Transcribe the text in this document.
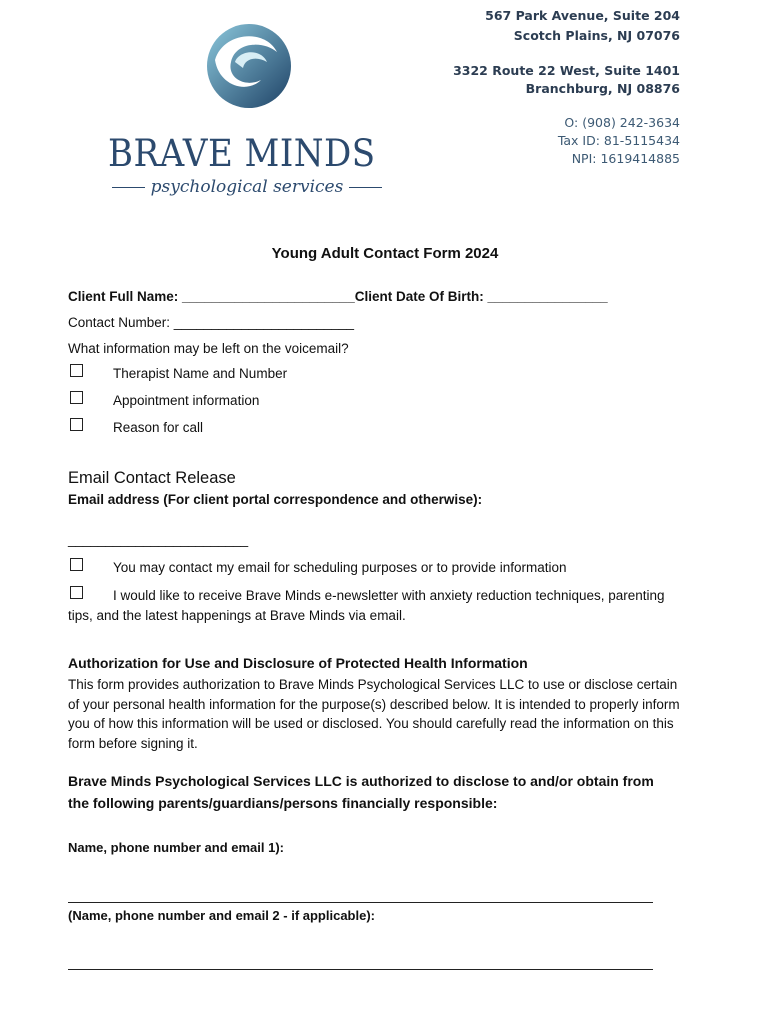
BRAVE MINDS
psychological services
567 Park Avenue, Suite 204
Scotch Plains, NJ 07076
3322 Route 22 West, Suite 1401
Branchburg, NJ 08876
O: (908) 242-3634
Tax ID: 81-5115434
NPI: 1619414885
Young Adult Contact Form 2024
Client Full Name: _______________________Client Date Of Birth: ________________
Contact Number: ________________________
What information may be left on the voicemail?
Therapist Name and Number
Appointment information
Reason for call
Email Contact Release
Email address (For client portal correspondence and otherwise):
________________________
You may contact my email for scheduling purposes or to provide information
I would like to receive Brave Minds e-newsletter with anxiety reduction techniques, parenting
tips, and the latest happenings at Brave Minds via email.
Authorization for Use and Disclosure of Protected Health Information
This form provides authorization to Brave Minds Psychological Services LLC to use or disclose certain
of your personal health information for the purpose(s) described below. It is intended to properly inform
you of how this information will be used or disclosed. You should carefully read the information on this
form before signing it.
Brave Minds Psychological Services LLC is authorized to disclose to and/or obtain from
the following parents/guardians/persons financially responsible:
Name, phone number and email 1):
(Name, phone number and email 2 - if applicable):
